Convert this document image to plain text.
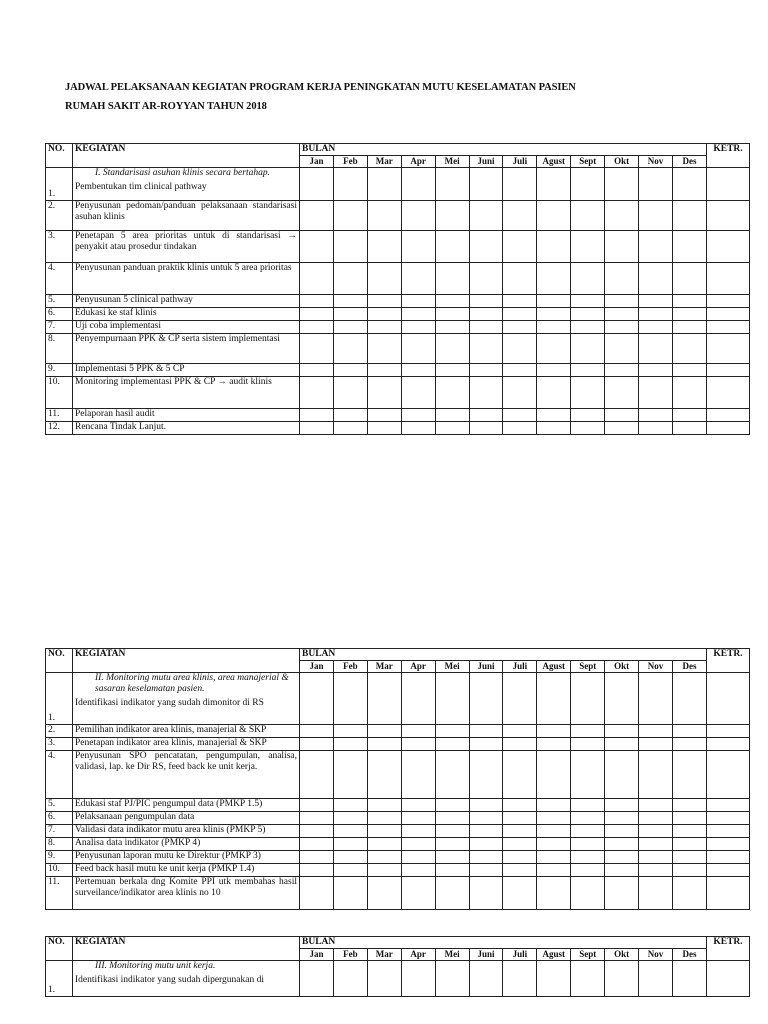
JADWAL PELAKSANAAN KEGIATAN PROGRAM KERJA PENINGKATAN MUTU KESELAMATAN PASIEN
RUMAH SAKIT AR-ROYYAN TAHUN 2018
NO.	KEGIATAN	BULAN												KETR.
		Jan	Feb	Mar	Apr	Mei	Juni	Juli	Agust	Sept	Okt	Nov	Des	
1.	I. Standarisasi asuhan klinis secara bertahap.
Pembentukan tim clinical pathway													

2.	Penyusunan pedoman/panduan pelaksanaan standarisasi asuhan klinis													
3.	Penetapan 5 area prioritas untuk di standarisasi → penyakit atau prosedur tindakan													
4.	Penyusunan panduan praktik klinis untuk 5 area prioritas													
5.	Penyusunan 5 clinical pathway													
6.	Edukasi ke staf klinis													
7.	Uji coba implementasi													
8.	Penyempurnaan PPK & CP serta sistem implementasi													
9.	Implementasi 5 PPK & 5 CP													
10.	Monitoring implementasi PPK & CP → audit klinis													
11.	Pelaporan hasil audit													
12.	Rencana Tindak Lanjut.													
NO.	KEGIATAN	BULAN												KETR.
		Jan	Feb	Mar	Apr	Mei	Juni	Juli	Agust	Sept	Okt	Nov	Des	
1.	II. Monitoring mutu area klinis, area manajerial & sasaran keselamatan pasien.
Identifikasi indikator yang sudah dimonitor di RS													

2.	Pemilihan indikator area klinis, manajerial & SKP													
3.	Penetapan indikator area klinis, manajerial & SKP													
4.	Penyusunan SPO pencatatan, pengumpulan, analisa, validasi, lap. ke Dir RS, feed back ke unit kerja.													
5.	Edukasi staf PJ/PIC pengumpul data (PMKP 1.5)													
6.	Pelaksanaan pengumpulan data													
7.	Validasi data indikator mutu area klinis (PMKP 5)													
8.	Analisa data indikator (PMKP 4)													
9.	Penyusunan laporan mutu ke Direktur (PMKP 3)													
10.	Feed back hasil mutu ke unit kerja (PMKP 1.4)													
11.	Pertemuan berkala dng Komite PPI utk membahas hasil surveilance/indikator area klinis no 10													
NO.	KEGIATAN	BULAN												KETR.
		Jan	Feb	Mar	Apr	Mei	Juni	Juli	Agust	Sept	Okt	Nov	Des	
1.	III. Monitoring mutu unit kerja.
Identifikasi indikator yang sudah dipergunakan di													
